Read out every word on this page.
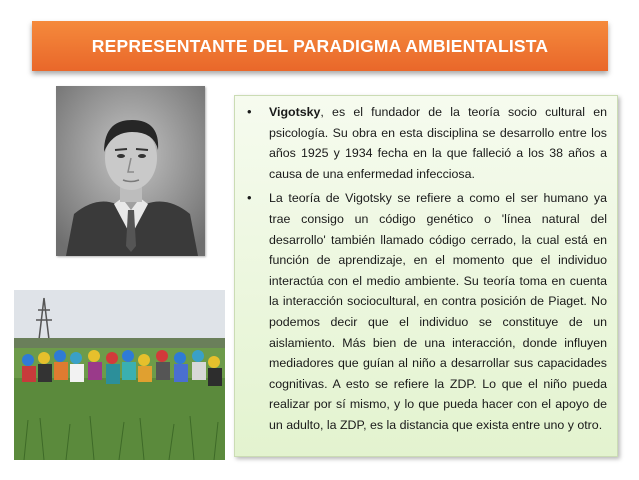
REPRESENTANTE DEL PARADIGMA AMBIENTALISTA
• Vigotsky, es el fundador de la teoría socio cultural en psicología. Su obra en esta disciplina se desarrollo entre los años 1925 y 1934 fecha en la que falleció a los 38 años a causa de una enfermedad infecciosa.
• La teoría de Vigotsky se refiere a como el ser humano ya trae consigo un código genético o 'línea natural del desarrollo' también llamado código cerrado, la cual está en función de aprendizaje, en el momento que el individuo interactúa con el medio ambiente. Su teoría toma en cuenta la interacción sociocultural, en contra posición de Piaget. No podemos decir que el individuo se constituye de un aislamiento. Más bien de una interacción, donde influyen mediadores que guían al niño a desarrollar sus capacidades cognitivas. A esto se refiere la ZDP. Lo que el niño pueda realizar por sí mismo, y lo que pueda hacer con el apoyo de un adulto, la ZDP, es la distancia que exista entre uno y otro.
